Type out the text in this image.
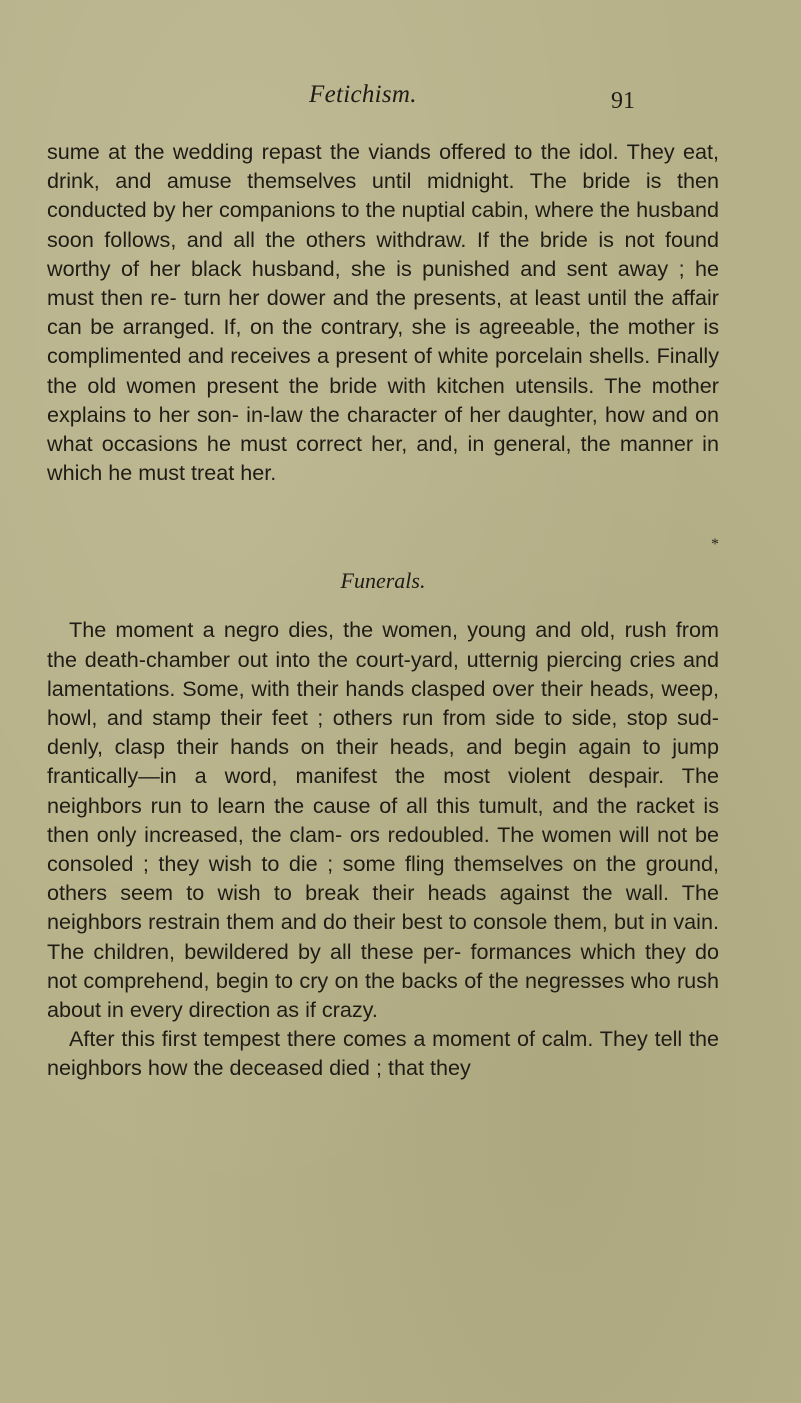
Fetichism.	91
*

sume at the wedding repast the viands offered to the idol. They eat, drink, and amuse themselves until midnight. The bride is then conducted by her companions to the nuptial cabin, where the husband soon follows, and all the others withdraw. If the bride is not found worthy of her black husband, she is punished and sent away ; he must then re- turn her dower and the presents, at least until the affair can be arranged. If, on the contrary, she is agreeable, the mother is complimented and receives a present of white porcelain shells. Finally the old women present the bride with kitchen utensils. The mother explains to her son- in-law the character of her daughter, how and on what occasions he must correct her, and, in general, the manner in which he must treat her.

Funerals.

The moment a negro dies, the women, young and old, rush from the death-chamber out into the court-yard, utternig piercing cries and lamentations. Some, with their hands clasped over their heads, weep, howl, and stamp their feet ; others run from side to side, stop sud- denly, clasp their hands on their heads, and begin again to jump frantically—in a word, manifest the most violent despair. The neighbors run to learn the cause of all this tumult, and the racket is then only increased, the clam- ors redoubled. The women will not be consoled ; they wish to die ; some fling themselves on the ground, others seem to wish to break their heads against the wall. The neighbors restrain them and do their best to console them, but in vain. The children, bewildered by all these per- formances which they do not comprehend, begin to cry on the backs of the negresses who rush about in every direction as if crazy.

After this first tempest there comes a moment of calm. They tell the neighbors how the deceased died ; that they
